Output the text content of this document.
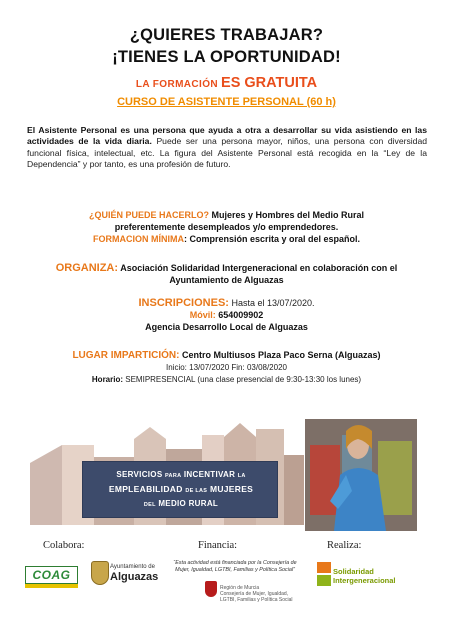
¿QUIERES TRABAJAR?
¡TIENES LA OPORTUNIDAD!
LA FORMACIÓN ES GRATUITA
CURSO DE ASISTENTE PERSONAL (60 h)
El Asistente Personal es una persona que ayuda a otra a desarrollar su vida asistiendo en las actividades de la vida diaria. Puede ser una persona mayor, niños, una persona con diversidad funcional física, intelectual, etc. La figura del Asistente Personal está recogida en la “Ley de la Dependencia” y por tanto, es una profesión de futuro.
¿QUIÉN PUEDE HACERLO? Mujeres y Hombres del Medio Rural
preferentemente desempleados y/o emprendedores.
FORMACION MÍNIMA: Comprensión escrita y oral del español.
ORGANIZA: Asociación Solidaridad Intergeneracional en colaboración con el
Ayuntamiento de Alguazas
INSCRIPCIONES: Hasta el 13/07/2020.
Móvil: 654009902
Agencia Desarrollo Local de Alguazas
LUGAR IMPARTICIÓN: Centro Multiusos Plaza Paco Serna (Alguazas)
Inicio: 13/07/2020 Fin: 03/08/2020
Horario: SEMIPRESENCIAL (una clase presencial de 9:30-13:30 los lunes)
SERVICIOS PARA INCENTIVAR LA
EMPLEABILIDAD DE LAS MUJERES
DEL MEDIO RURAL
Colabora:	Financia:	Realiza:
COAG
Ayuntamiento de
Alguazas
“Esta actividad está financiada por la Consejería de Mujer, Igualdad, LGTBI, Familias y Política Social”
Región de Murcia
Consejería de Mujer, Igualdad,
LGTBI, Familias y Política Social
Solidaridad
Intergeneracional
